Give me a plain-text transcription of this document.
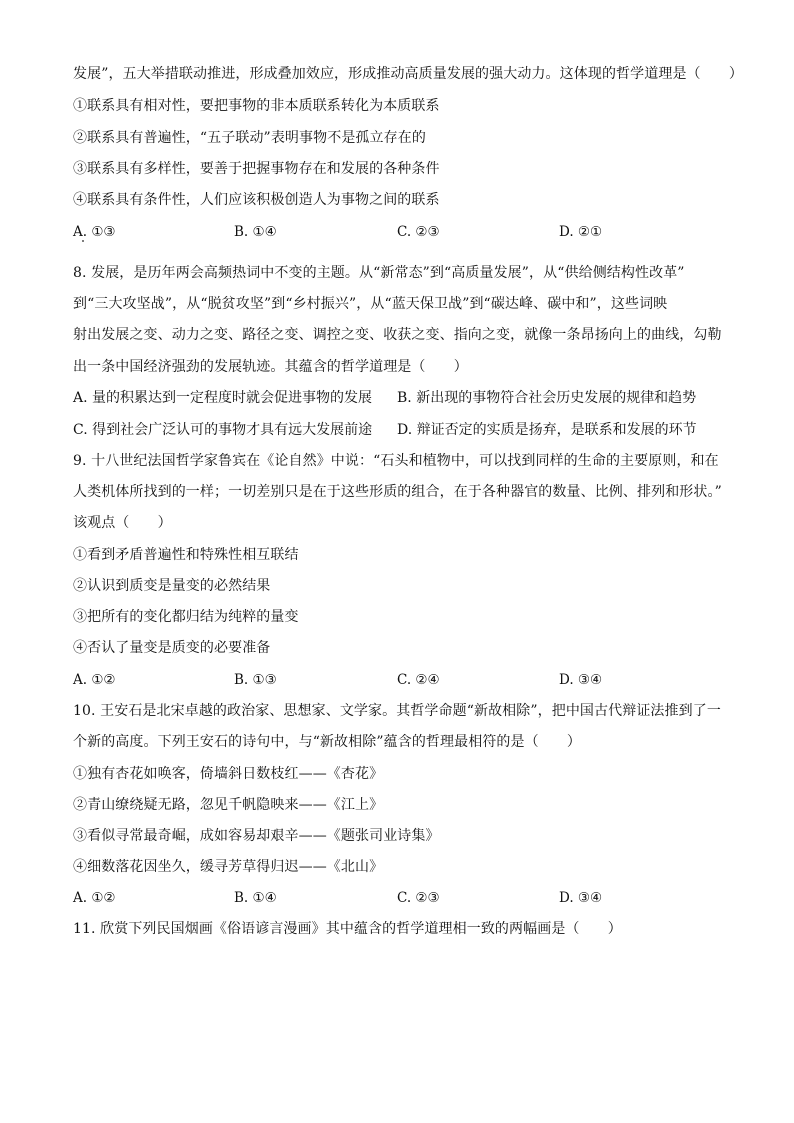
发展”，五大举措联动推进，形成叠加效应，形成推动高质量发展的强大动力。这体现的哲学道理是（　　）
①联系具有相对性，要把事物的非本质联系转化为本质联系
②联系具有普遍性，“五子联动”表明事物不是孤立存在的
③联系具有多样性，要善于把握事物存在和发展的各种条件
④联系具有条件性，人们应该积极创造人为事物之间的联系
A. ①③	B. ①④	C. ②③	D. ②①
8. 发展，是历年两会高频热词中不变的主题。从“新常态”到“高质量发展”，从“供给侧结构性改革”
到“三大攻坚战”，从“脱贫攻坚”到“乡村振兴”，从“蓝天保卫战”到“碳达峰、碳中和”，这些词映
射出发展之变、动力之变、路径之变、调控之变、收获之变、指向之变，就像一条昂扬向上的曲线，勾勒
出一条中国经济强劲的发展轨迹。其蕴含的哲学道理是（　　）
A. 量的积累达到一定程度时就会促进事物的发展 B. 新出现的事物符合社会历史发展的规律和趋势
C. 得到社会广泛认可的事物才具有远大发展前途 D. 辩证否定的实质是扬弃，是联系和发展的环节
9. 十八世纪法国哲学家鲁宾在《论自然》中说：“石头和植物中，可以找到同样的生命的主要原则，和在
人类机体所找到的一样；一切差别只是在于这些形质的组合，在于各种器官的数量、比例、排列和形状。”
该观点（　　）
①看到矛盾普遍性和特殊性相互联结
②认识到质变是量变的必然结果
③把所有的变化都归结为纯粹的量变
④否认了量变是质变的必要准备
A. ①②	B. ①③	C. ②④	D. ③④
10. 王安石是北宋卓越的政治家、思想家、文学家。其哲学命题“新故相除”，把中国古代辩证法推到了一
个新的高度。下列王安石的诗句中，与“新故相除”蕴含的哲理最相符的是（　　）
①独有杏花如唤客，倚墙斜日数枝红——《杏花》
②青山缭绕疑无路，忽见千帆隐映来——《江上》
③看似寻常最奇崛，成如容易却艰辛——《题张司业诗集》
④细数落花因坐久，缓寻芳草得归迟——《北山》
A. ①②	B. ①④	C. ②③	D. ③④
11. 欣赏下列民国烟画《俗语谚言漫画》其中蕴含的哲学道理相一致的两幅画是（　　）
